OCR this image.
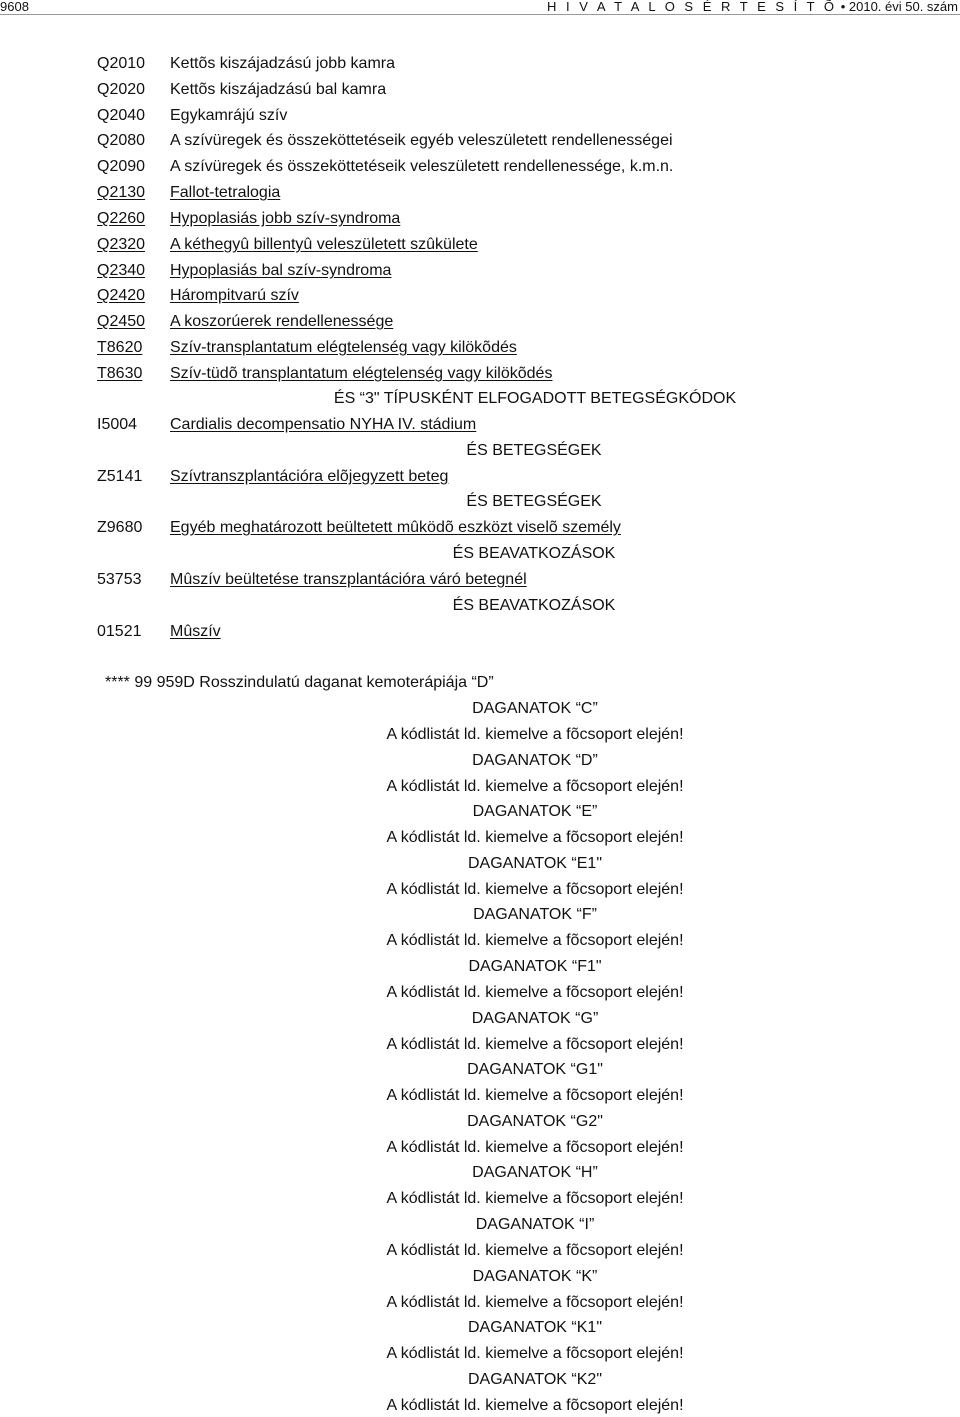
9608	H I V A T A L O S É R T E S Í T Õ • 2010. évi 50. szám
Q2010 Kettõs kiszájadzású jobb kamra
Q2020 Kettõs kiszájadzású bal kamra
Q2040 Egykamrájú szív
Q2080 A szívüregek és összeköttetéseik egyéb veleszületett rendellenességei
Q2090 A szívüregek és összeköttetéseik veleszületett rendellenessége, k.m.n.
Q2130 Fallot-tetralogia
Q2260 Hypoplasiás jobb szív-syndroma
Q2320 A kéthegyû billentyû veleszületett szûkülete
Q2340 Hypoplasiás bal szív-syndroma
Q2420 Hárompitvarú szív
Q2450 A koszorúerek rendellenessége
T8620 Szív-transplantatum elégtelenség vagy kilökõdés
T8630 Szív-tüdõ transplantatum elégtelenség vagy kilökõdés
ÉS “3" TÍPUSKÉNT ELFOGADOTT BETEGSÉGKÓDOK
I5004 Cardialis decompensatio NYHA IV. stádium
ÉS BETEGSÉGEK
Z5141 Szívtranszplantációra elõjegyzett beteg
ÉS BETEGSÉGEK
Z9680 Egyéb meghatározott beültetett mûködõ eszközt viselõ személy
ÉS BEAVATKOZÁSOK
53753 Mûszív beültetése transzplantációra váró betegnél
ÉS BEAVATKOZÁSOK
01521 Mûszív
**** 99 959D Rosszindulatú daganat kemoterápiája “D”
DAGANATOK “C”
A kódlistát ld. kiemelve a fõcsoport elején!
DAGANATOK “D”
A kódlistát ld. kiemelve a fõcsoport elején!
DAGANATOK “E”
A kódlistát ld. kiemelve a fõcsoport elején!
DAGANATOK “E1"
A kódlistát ld. kiemelve a fõcsoport elején!
DAGANATOK “F”
A kódlistát ld. kiemelve a fõcsoport elején!
DAGANATOK “F1"
A kódlistát ld. kiemelve a fõcsoport elején!
DAGANATOK “G”
A kódlistát ld. kiemelve a fõcsoport elején!
DAGANATOK “G1"
A kódlistát ld. kiemelve a fõcsoport elején!
DAGANATOK “G2"
A kódlistát ld. kiemelve a fõcsoport elején!
DAGANATOK “H”
A kódlistát ld. kiemelve a fõcsoport elején!
DAGANATOK “I”
A kódlistát ld. kiemelve a fõcsoport elején!
DAGANATOK “K”
A kódlistát ld. kiemelve a fõcsoport elején!
DAGANATOK “K1"
A kódlistát ld. kiemelve a fõcsoport elején!
DAGANATOK “K2"
A kódlistát ld. kiemelve a fõcsoport elején!
